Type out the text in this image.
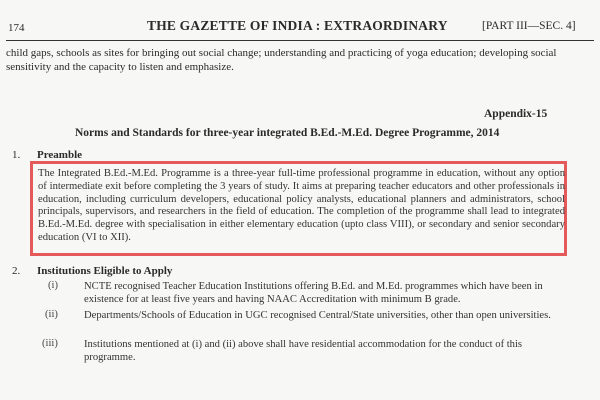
174	THE GAZETTE OF INDIA : EXTRAORDINARY	[PART III—SEC. 4]
child gaps, schools as sites for bringing out social change; understanding and practicing of yoga education; developing social sensitivity and the capacity to listen and emphasize.
Appendix-15
Norms and Standards for three-year integrated B.Ed.-M.Ed. Degree Programme, 2014
1. Preamble
The Integrated B.Ed.-M.Ed. Programme is a three-year full-time professional programme in education, without any option of intermediate exit before completing the 3 years of study. It aims at preparing teacher educators and other professionals in education, including curriculum developers, educational policy analysts, educational planners and administrators, school principals, supervisors, and researchers in the field of education. The completion of the programme shall lead to integrated B.Ed.-M.Ed. degree with specialisation in either elementary education (upto class VIII), or secondary and senior secondary education (VI to XII).
2. Institutions Eligible to Apply
(i) NCTE recognised Teacher Education Institutions offering B.Ed. and M.Ed. programmes which have been in existence for at least five years and having NAAC Accreditation with minimum B grade.
(ii) Departments/Schools of Education in UGC recognised Central/State universities, other than open universities.
(iii) Institutions mentioned at (i) and (ii) above shall have residential accommodation for the conduct of this programme.
